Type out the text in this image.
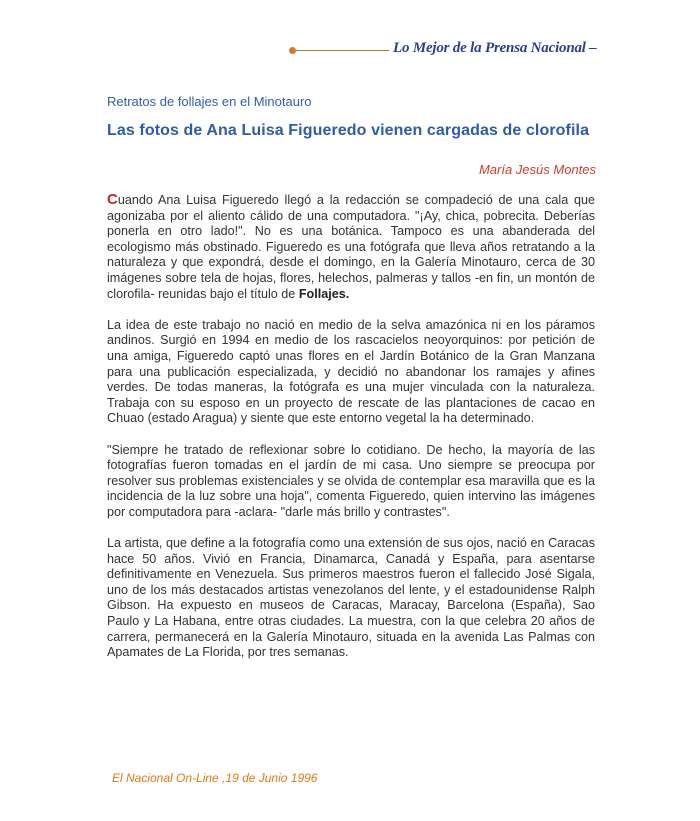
Lo Mejor de la Prensa Nacional –
Retratos de follajes en el Minotauro
Las fotos de Ana Luisa Figueredo vienen cargadas de clorofila
María Jesús Montes

Cuando Ana Luisa Figueredo llegó a la redacción se compadeció de una cala que agonizaba por el aliento cálido de una computadora. "¡Ay, chica, pobrecita. Deberías ponerla en otro lado!". No es una botánica. Tampoco es una abanderada del ecologismo más obstinado. Figueredo es una fotógrafa que lleva años retratando a la naturaleza y que expondrá, desde el domingo, en la Galería Minotauro, cerca de 30 imágenes sobre tela de hojas, flores, helechos, palmeras y tallos -en fin, un montón de clorofila- reunidas bajo el título de Follajes.

La idea de este trabajo no nació en medio de la selva amazónica ni en los páramos andinos. Surgió en 1994 en medio de los rascacielos neoyorquinos: por petición de una amiga, Figueredo captó unas flores en el Jardín Botánico de la Gran Manzana para una publicación especializada, y decidió no abandonar los ramajes y afines verdes. De todas maneras, la fotógrafa es una mujer vinculada con la naturaleza. Trabaja con su esposo en un proyecto de rescate de las plantaciones de cacao en Chuao (estado Aragua) y siente que este entorno vegetal la ha determinado.

"Siempre he tratado de reflexionar sobre lo cotidiano. De hecho, la mayoría de las fotografías fueron tomadas en el jardín de mi casa. Uno siempre se preocupa por resolver sus problemas existenciales y se olvida de contemplar esa maravilla que es la incidencia de la luz sobre una hoja", comenta Figueredo, quien intervino las imágenes por computadora para -aclara- "darle más brillo y contrastes".

La artista, que define a la fotografía como una extensión de sus ojos, nació en Caracas hace 50 años. Vivió en Francia, Dinamarca, Canadá y España, para asentarse definitivamente en Venezuela. Sus primeros maestros fueron el fallecido José Sigala, uno de los más destacados artistas venezolanos del lente, y el estadounidense Ralph Gibson. Ha expuesto en museos de Caracas, Maracay, Barcelona (España), Sao Paulo y La Habana, entre otras ciudades. La muestra, con la que celebra 20 años de carrera, permanecerá en la Galería Minotauro, situada en la avenida Las Palmas con Apamates de La Florida, por tres semanas.

El Nacional On-Line ,19 de Junio 1996
